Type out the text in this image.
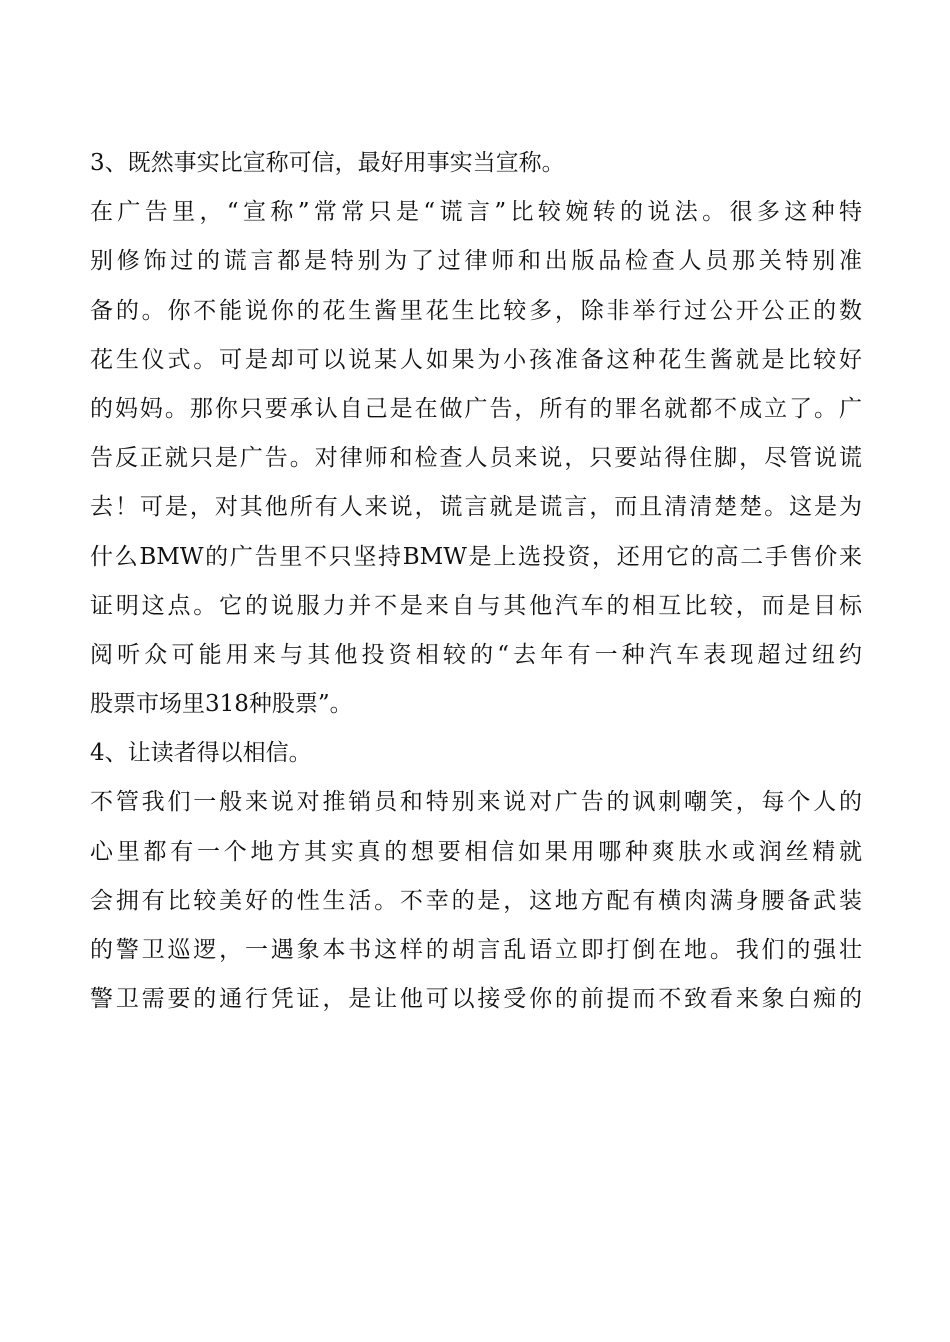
3、既然事实比宣称可信，最好用事实当宣称。
在广告里，“宣称”常常只是“谎言”比较婉转的说法。很多这种特
别修饰过的谎言都是特别为了过律师和出版品检查人员那关特别准
备的。你不能说你的花生酱里花生比较多，除非举行过公开公正的数
花生仪式。可是却可以说某人如果为小孩准备这种花生酱就是比较好
的妈妈。那你只要承认自己是在做广告，所有的罪名就都不成立了。广
告反正就只是广告。对律师和检查人员来说，只要站得住脚，尽管说谎
去！可是，对其他所有人来说，谎言就是谎言，而且清清楚楚。这是为
什么BMW的广告里不只坚持BMW是上选投资，还用它的高二手售价来
证明这点。它的说服力并不是来自与其他汽车的相互比较，而是目标
阅听众可能用来与其他投资相较的“去年有一种汽车表现超过纽约
股票市场里318种股票”。
4、让读者得以相信。
不管我们一般来说对推销员和特别来说对广告的讽刺嘲笑，每个人的
心里都有一个地方其实真的想要相信如果用哪种爽肤水或润丝精就
会拥有比较美好的性生活。不幸的是，这地方配有横肉满身腰备武装
的警卫巡逻，一遇象本书这样的胡言乱语立即打倒在地。我们的强壮
警卫需要的通行凭证，是让他可以接受你的前提而不致看来象白痴的
